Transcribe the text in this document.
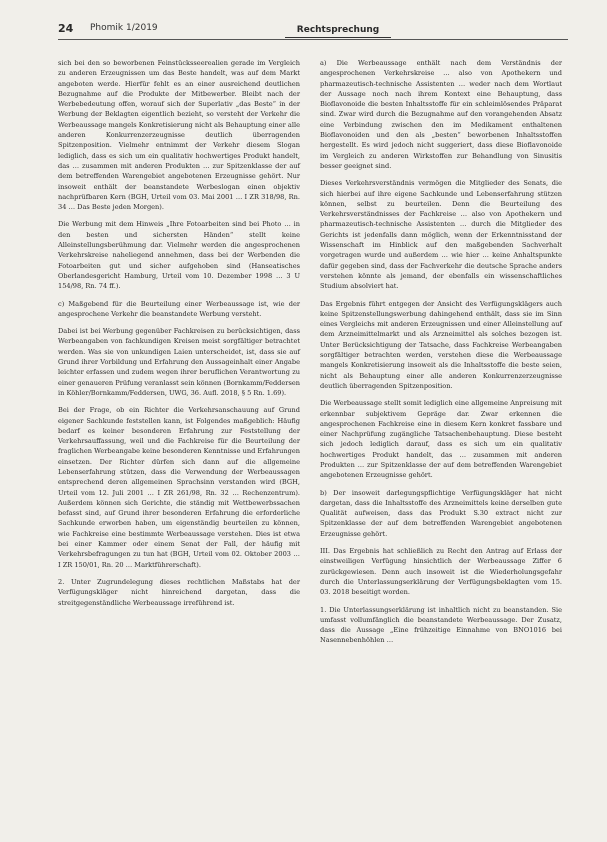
24 Phomik 1/2019	Rechtsprechung

sich bei den so beworbenen Feinstücksseerealien gerade im Vergleich zu anderen Erzeugnissen um das Beste handelt, was auf dem Markt angeboten werde. Hierfür fehlt es an einer ausreichend deutlichen Bezugnahme auf die Produkte der Mitbewerber. Bleibt nach der Werbebedeutung offen, worauf sich der Superlativ „das Beste“ in der Werbung der Beklagten eigentlich bezieht, so versteht der Verkehr die Werbeaussage mangels Konkretisierung nicht als Behauptung einer alle anderen Konkurrenzerzeugnisse deutlich überragenden Spitzenposition. Vielmehr entnimmt der Verkehr diesem Slogan lediglich, dass es sich um ein qualitativ hochwertiges Produkt handelt, das … zusammen mit anderen Produkten … zur Spitzenklasse der auf dem betreffenden Warengebiet angebotenen Erzeugnisse gehört. Nur insoweit enthält der beanstandete Werbeslogan einen objektiv nachprüfbaren Kern (BGH, Urteil vom 03. Mai 2001 … I ZR 318/98, Rn. 34 … Das Beste jeden Morgen).

Die Werbung mit dem Hinweis „Ihre Fotoarbeiten sind bei Photo … in den besten und sichersten Händen“ stellt keine Alleinstellungsberühmung dar. Vielmehr werden die angesprochenen Verkehrskreise naheliegend annehmen, dass bei der Werbenden die Fotoarbeiten gut und sicher aufgehoben sind (Hanseatisches Oberlandesgericht Hamburg, Urteil vom 10. Dezember 1998 … 3 U 154/98, Rn. 74 ff.).

c) Maßgebend für die Beurteilung einer Werbeaussage ist, wie der angesprochene Verkehr die beanstandete Werbung versteht.

Dabei ist bei Werbung gegenüber Fachkreisen zu berücksichtigen, dass Werbeangaben von fachkundigen Kreisen meist sorgfältiger betrachtet werden. Was sie von unkundigen Laien unterscheidet, ist, dass sie auf Grund ihrer Vorbildung und Erfahrung den Aussageinhalt einer Angabe leichter erfassen und zudem wegen ihrer beruflichen Verantwortung zu einer genaueren Prüfung veranlasst sein können (Bornkamm/Feddersen in Köhler/Bornkamm/Feddersen, UWG, 36. Aufl. 2018, § 5 Rn. 1.69).

Bei der Frage, ob ein Richter die Verkehrsanschauung auf Grund eigener Sachkunde feststellen kann, ist Folgendes maßgeblich: Häufig bedarf es keiner besonderen Erfahrung zur Feststellung der Verkehrsauffassung, weil und die Fachkreise für die Beurteilung der fraglichen Werbeangabe keine besonderen Kenntnisse und Erfahrungen einsetzen. Der Richter dürfen sich dann auf die allgemeine Lebenserfahrung stützen, dass die Verwendung der Werbeaussagen entsprechend deren allgemeinen Sprachsinn verstanden wird (BGH, Urteil vom 12. Juli 2001 … I ZR 261/98, Rn. 32 … Rechenzentrum). Außerdem können sich Gerichte, die ständig mit Wettbewerbssachen befasst sind, auf Grund ihrer besonderen Erfahrung die erforderliche Sachkunde erworben haben, um eigenständig beurteilen zu können, wie Fachkreise eine bestimmte Werbeaussage verstehen. Dies ist etwa bei einer Kammer oder einem Senat der Fall, der häufig mit Verkehrsbefragungen zu tun hat (BGH, Urteil vom 02. Oktober 2003 … I ZR 150/01, Rn. 20 … Marktführerschaft).

2. Unter Zugrundelegung dieses rechtlichen Maßstabs hat der Verfügungskläger nicht hinreichend dargetan, dass die streitgegenständliche Werbeaussage irreführend ist.

a) Die Werbeaussage enthält nach dem Verständnis der angesprochenen Verkehrskreise … also von Apothekern und pharmazeutisch-technische Assistenten … weder nach dem Wortlaut der Aussage noch nach ihrem Kontext eine Behauptung, dass Bioflavonoide die besten Inhaltsstoffe für ein schleimlösendes Präparat sind. Zwar wird durch die Bezugnahme auf den vorangehenden Absatz eine Verbindung zwischen den im Medikament enthaltenen Bioflavonoiden und den als „besten“ beworbenen Inhaltsstoffen hergestellt. Es wird jedoch nicht suggeriert, dass diese Bioflavonoide im Vergleich zu anderen Wirkstoffen zur Behandlung von Sinusitis besser geeignet sind.

Dieses Verkehrsverständnis vermögen die Mitglieder des Senats, die sich hierbei auf ihre eigene Sachkunde und Lebenserfahrung stützen können, selbst zu beurteilen. Denn die Beurteilung des Verkehrsverständnisses der Fachkreise … also von Apothekern und pharmazeutisch-technische Assistenten … durch die Mitglieder des Gerichts ist jedenfalls dann möglich, wenn der Erkenntnisstand der Wissenschaft im Hinblick auf den maßgebenden Sachverhalt vorgetragen wurde und außerdem … wie hier … keine Anhaltspunkte dafür gegeben sind, dass der Fachverkehr die deutsche Sprache anders verstehen könnte als jemand, der ebenfalls ein wissenschaftliches Studium absolviert hat.

Das Ergebnis führt entgegen der Ansicht des Verfügungsklägers auch keine Spitzenstellungswerbung dahingehend enthält, dass sie im Sinn eines Vergleichs mit anderen Erzeugnissen und einer Alleinstellung auf dem Arzneimittelmarkt und als Arzneimittel als solches bezogen ist. Unter Berücksichtigung der Tatsache, dass Fachkreise Werbeangaben sorgfältiger betrachten werden, verstehen diese die Werbeaussage mangels Konkretisierung insoweit als die Inhaltsstoffe die beste seien, nicht als Behauptung einer alle anderen Konkurrenzerzeugnisse deutlich überragenden Spitzenposition.

Die Werbeaussage stellt somit lediglich eine allgemeine Anpreisung mit erkennbar subjektivem Gepräge dar. Zwar erkennen die angesprochenen Fachkreise eine in diesem Kern konkret fassbare und einer Nachprüfung zugängliche Tatsachenbehauptung. Diese besteht sich jedoch lediglich darauf, dass es sich um ein qualitativ hochwertiges Produkt handelt, das … zusammen mit anderen Produkten … zur Spitzenklasse der auf dem betreffenden Warengebiet angebotenen Erzeugnisse gehört.

b) Der insoweit darlegungspflichtige Verfügungskläger hat nicht dargetan, dass die Inhaltsstoffe des Arzneimittels keine derselben gute Qualität aufweisen, dass das Produkt S.30 extract nicht zur Spitzenklasse der auf dem betreffenden Warengebiet angebotenen Erzeugnisse gehört.

III. Das Ergebnis hat schließlich zu Recht den Antrag auf Erlass der einstweiligen Verfügung hinsichtlich der Werbeaussage Ziffer 6 zurückgewiesen. Denn auch insoweit ist die Wiederholungsgefahr durch die Unterlassungserklärung der Verfügungsbeklagten vom 15. 03. 2018 beseitigt worden.

1. Die Unterlassungserklärung ist inhaltlich nicht zu beanstanden. Sie umfasst vollumfänglich die beanstandete Werbeaussage. Der Zusatz, dass die Aussage „Eine frühzeitige Einnahme von BNO1016 bei Nasennebenhöhlen …
